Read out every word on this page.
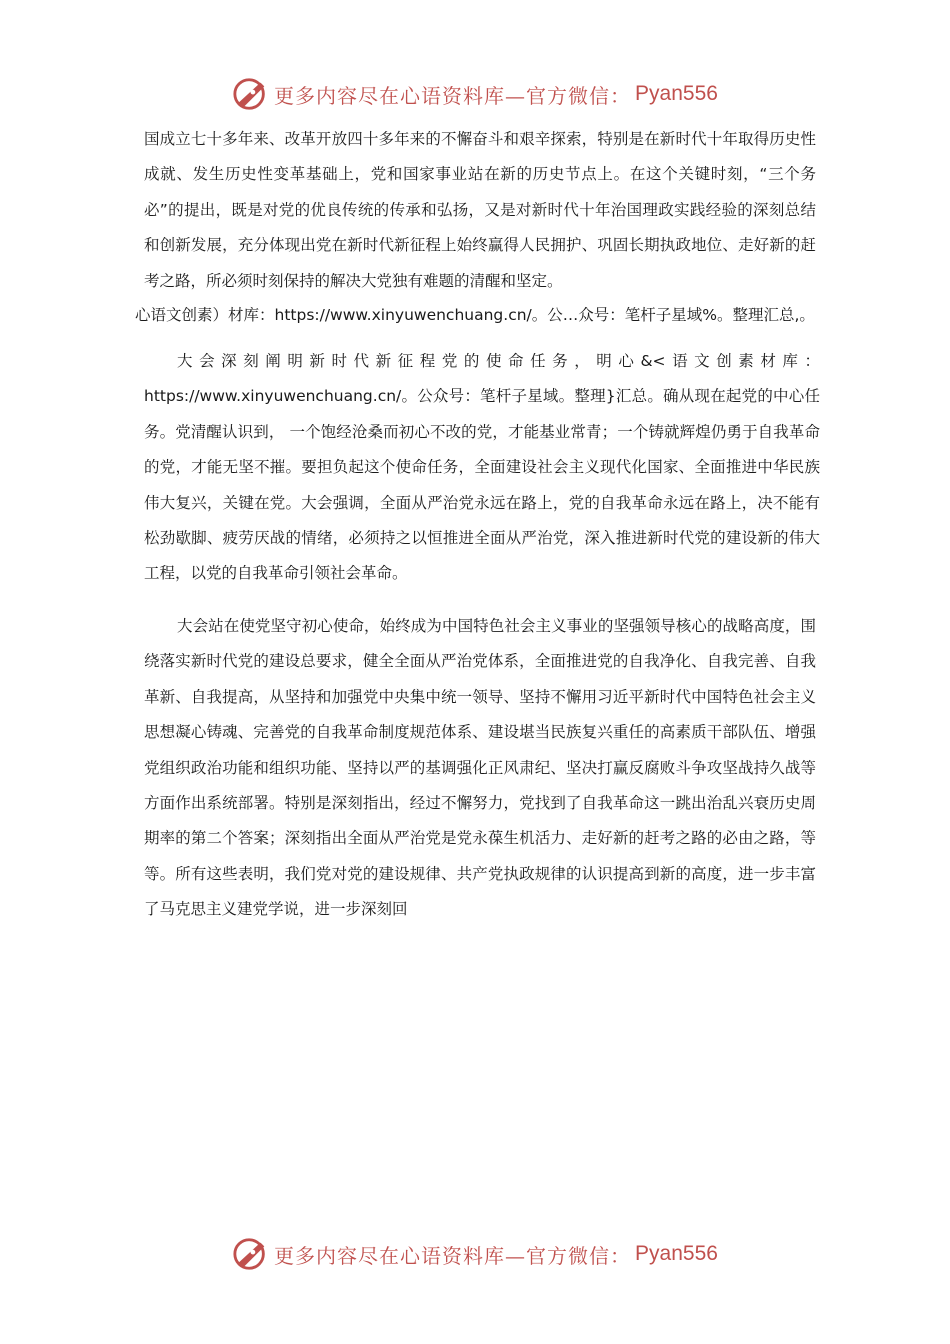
更多内容尽在心语资料库—官方微信： Pyan556

国成立七十多年来、改革开放四十多年来的不懈奋斗和艰辛探索，特别是在新时代十年取得历史性成就、发生历史性变革基础上，党和国家事业站在新的历史节点上。在这个关键时刻，“三个务必”的提出，既是对党的优良传统的传承和弘扬，又是对新时代十年治国理政实践经验的深刻总结和创新发展，充分体现出党在新时代新征程上始终赢得人民拥护、巩固长期执政地位、走好新的赶考之路，所必须时刻保持的解决大党独有难题的清醒和坚定。

心语文创素）材库：https://www.xinyuwenchuang.cn/。公…众号：笔杆子星域%。整理汇总,。

大会深刻阐明新时代新征程党的使命任务，明心&<语文创素材库：https://www.xinyuwenchuang.cn/。公众号：笔杆子星域。整理}汇总。确从现在起党的中心任务。党清醒认识到， 一个饱经沧桑而初心不改的党，才能基业常青；一个铸就辉煌仍勇于自我革命的党，才能无坚不摧。要担负起这个使命任务，全面建设社会主义现代化国家、全面推进中华民族伟大复兴，关键在党。大会强调，全面从严治党永远在路上，党的自我革命永远在路上，决不能有松劲歇脚、疲劳厌战的情绪，必须持之以恒推进全面从严治党，深入推进新时代党的建设新的伟大工程，以党的自我革命引领社会革命。

大会站在使党坚守初心使命，始终成为中国特色社会主义事业的坚强领导核心的战略高度，围绕落实新时代党的建设总要求，健全全面从严治党体系，全面推进党的自我净化、自我完善、自我革新、自我提高，从坚持和加强党中央集中统一领导、坚持不懈用习近平新时代中国特色社会主义思想凝心铸魂、完善党的自我革命制度规范体系、建设堪当民族复兴重任的高素质干部队伍、增强党组织政治功能和组织功能、坚持以严的基调强化正风肃纪、坚决打赢反腐败斗争攻坚战持久战等方面作出系统部署。特别是深刻指出，经过不懈努力，党找到了自我革命这一跳出治乱兴衰历史周期率的第二个答案；深刻指出全面从严治党是党永葆生机活力、走好新的赶考之路的必由之路，等等。所有这些表明，我们党对党的建设规律、共产党执政规律的认识提高到新的高度，进一步丰富了马克思主义建党学说，进一步深刻回

更多内容尽在心语资料库—官方微信： Pyan556
